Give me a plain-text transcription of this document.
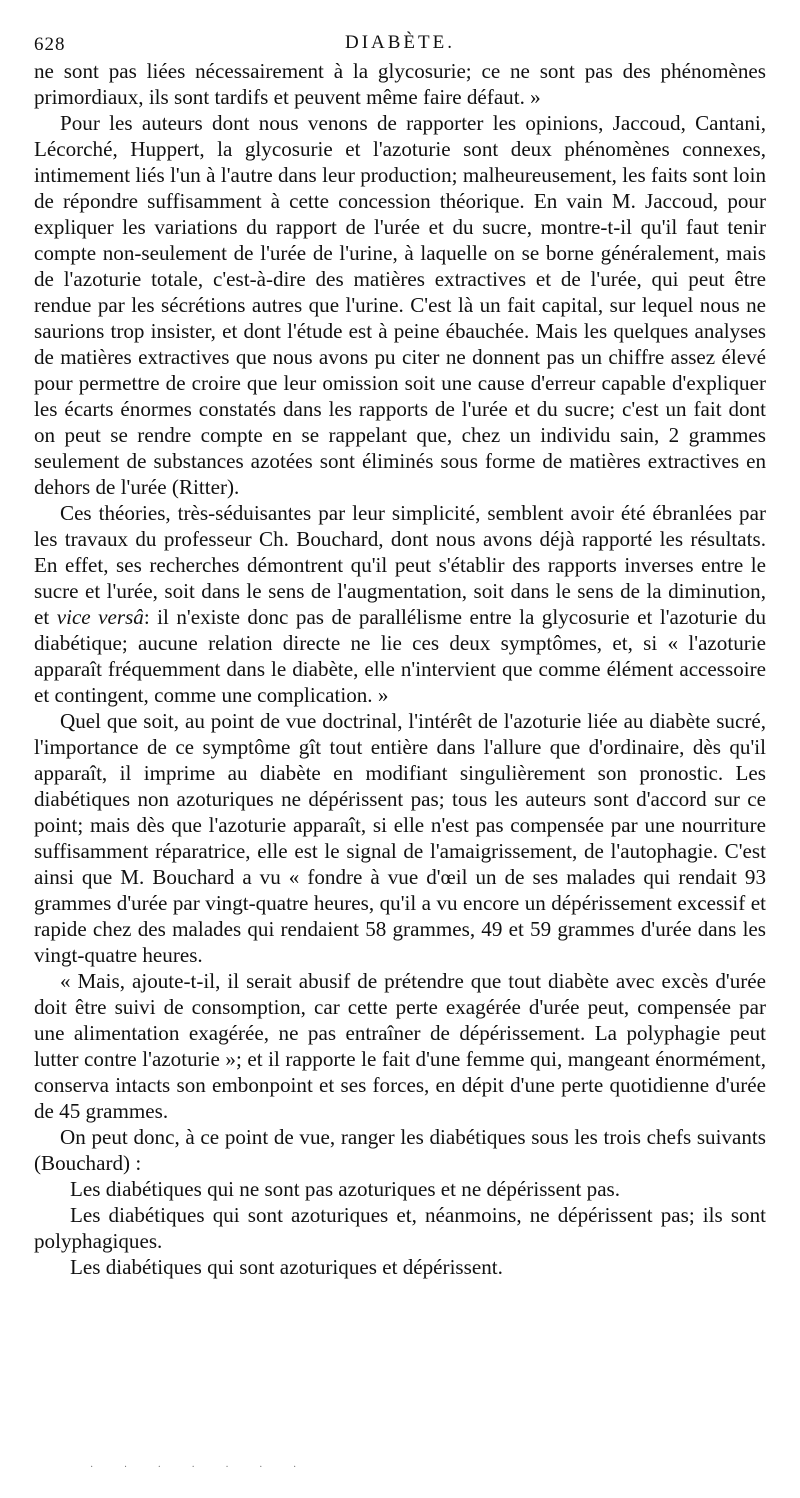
628	DIABÈTE.

ne sont pas liées nécessairement à la glycosurie; ce ne sont pas des phénomènes primordiaux, ils sont tardifs et peuvent même faire défaut. »

Pour les auteurs dont nous venons de rapporter les opinions, Jaccoud, Cantani, Lécorché, Huppert, la glycosurie et l'azoturie sont deux phénomènes connexes, intimement liés l'un à l'autre dans leur production; malheureusement, les faits sont loin de répondre suffisamment à cette concession théorique. En vain M. Jaccoud, pour expliquer les variations du rapport de l'urée et du sucre, montre-t-il qu'il faut tenir compte non-seulement de l'urée de l'urine, à laquelle on se borne généralement, mais de l'azoturie totale, c'est-à-dire des matières extractives et de l'urée, qui peut être rendue par les sécrétions autres que l'urine. C'est là un fait capital, sur lequel nous ne saurions trop insister, et dont l'étude est à peine ébauchée. Mais les quelques analyses de matières extractives que nous avons pu citer ne donnent pas un chiffre assez élevé pour permettre de croire que leur omission soit une cause d'erreur capable d'expliquer les écarts énormes constatés dans les rapports de l'urée et du sucre; c'est un fait dont on peut se rendre compte en se rappelant que, chez un individu sain, 2 grammes seulement de substances azotées sont éliminés sous forme de matières extractives en dehors de l'urée (Ritter).

Ces théories, très-séduisantes par leur simplicité, semblent avoir été ébranlées par les travaux du professeur Ch. Bouchard, dont nous avons déjà rapporté les résultats. En effet, ses recherches démontrent qu'il peut s'établir des rapports inverses entre le sucre et l'urée, soit dans le sens de l'augmentation, soit dans le sens de la diminution, et vice versâ: il n'existe donc pas de parallélisme entre la glycosurie et l'azoturie du diabétique; aucune relation directe ne lie ces deux symptômes, et, si « l'azoturie apparaît fréquemment dans le diabète, elle n'intervient que comme élément accessoire et contingent, comme une complication. »

Quel que soit, au point de vue doctrinal, l'intérêt de l'azoturie liée au diabète sucré, l'importance de ce symptôme gît tout entière dans l'allure que d'ordinaire, dès qu'il apparaît, il imprime au diabète en modifiant singulièrement son pronostic. Les diabétiques non azoturiques ne dépérissent pas; tous les auteurs sont d'accord sur ce point; mais dès que l'azoturie apparaît, si elle n'est pas compensée par une nourriture suffisamment réparatrice, elle est le signal de l'amaigrissement, de l'autophagie. C'est ainsi que M. Bouchard a vu « fondre à vue d'œil un de ses malades qui rendait 93 grammes d'urée par vingt-quatre heures, qu'il a vu encore un dépérissement excessif et rapide chez des malades qui rendaient 58 grammes, 49 et 59 grammes d'urée dans les vingt-quatre heures.

« Mais, ajoute-t-il, il serait abusif de prétendre que tout diabète avec excès d'urée doit être suivi de consomption, car cette perte exagérée d'urée peut, compensée par une alimentation exagérée, ne pas entraîner de dépérissement. La polyphagie peut lutter contre l'azoturie »; et il rapporte le fait d'une femme qui, mangeant énormément, conserva intacts son embonpoint et ses forces, en dépit d'une perte quotidienne d'urée de 45 grammes.

On peut donc, à ce point de vue, ranger les diabétiques sous les trois chefs suivants (Bouchard) :

Les diabétiques qui ne sont pas azoturiques et ne dépérissent pas.

Les diabétiques qui sont azoturiques et, néanmoins, ne dépérissent pas; ils sont polyphagiques.

Les diabétiques qui sont azoturiques et dépérissent.

· · · · · · ·
